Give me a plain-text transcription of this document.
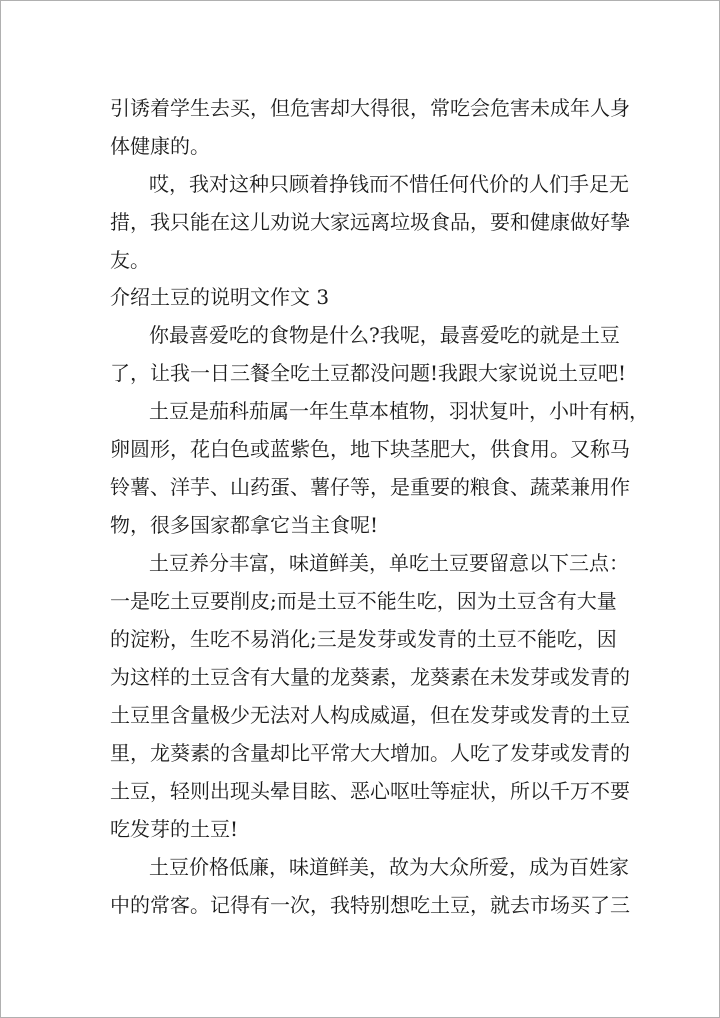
引诱着学生去买，但危害却大得很，常吃会危害未成年人身
体健康的。
哎，我对这种只顾着挣钱而不惜任何代价的人们手足无
措，我只能在这儿劝说大家远离垃圾食品，要和健康做好挚
友。
介绍土豆的说明文作文 3
你最喜爱吃的食物是什么?我呢，最喜爱吃的就是土豆
了，让我一日三餐全吃土豆都没问题!我跟大家说说土豆吧!
土豆是茄科茄属一年生草本植物，羽状复叶，小叶有柄，
卵圆形，花白色或蓝紫色，地下块茎肥大，供食用。又称马
铃薯、洋芋、山药蛋、薯仔等，是重要的粮食、蔬菜兼用作
物，很多国家都拿它当主食呢!
土豆养分丰富，味道鲜美，单吃土豆要留意以下三点：
一是吃土豆要削皮;而是土豆不能生吃，因为土豆含有大量
的淀粉，生吃不易消化;三是发芽或发青的土豆不能吃，因
为这样的土豆含有大量的龙葵素，龙葵素在未发芽或发青的
土豆里含量极少无法对人构成威逼，但在发芽或发青的土豆
里，龙葵素的含量却比平常大大增加。人吃了发芽或发青的
土豆，轻则出现头晕目眩、恶心呕吐等症状，所以千万不要
吃发芽的土豆!
土豆价格低廉，味道鲜美，故为大众所爱，成为百姓家
中的常客。记得有一次，我特别想吃土豆，就去市场买了三
